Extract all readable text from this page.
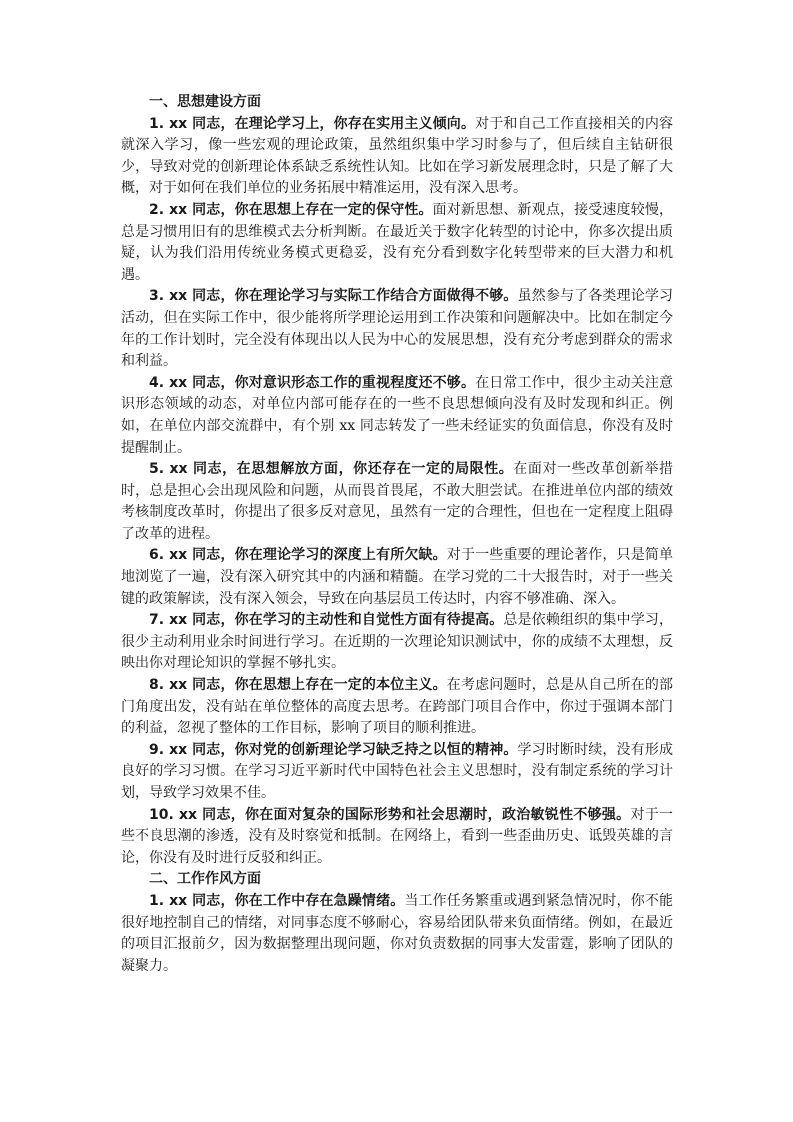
一、思想建设方面

1. xx 同志，在理论学习上，你存在实用主义倾向。对于和自己工作直接相关的内容就深入学习，像一些宏观的理论政策，虽然组织集中学习时参与了，但后续自主钻研很少，导致对党的创新理论体系缺乏系统性认知。比如在学习新发展理念时，只是了解了大概，对于如何在我们单位的业务拓展中精准运用，没有深入思考。

2. xx 同志，你在思想上存在一定的保守性。面对新思想、新观点，接受速度较慢，总是习惯用旧有的思维模式去分析判断。在最近关于数字化转型的讨论中，你多次提出质疑，认为我们沿用传统业务模式更稳妥，没有充分看到数字化转型带来的巨大潜力和机遇。

3. xx 同志，你在理论学习与实际工作结合方面做得不够。虽然参与了各类理论学习活动，但在实际工作中，很少能将所学理论运用到工作决策和问题解决中。比如在制定今年的工作计划时，完全没有体现出以人民为中心的发展思想，没有充分考虑到群众的需求和利益。

4. xx 同志，你对意识形态工作的重视程度还不够。在日常工作中，很少主动关注意识形态领域的动态，对单位内部可能存在的一些不良思想倾向没有及时发现和纠正。例如，在单位内部交流群中，有个别 xx 同志转发了一些未经证实的负面信息，你没有及时提醒制止。

5. xx 同志，在思想解放方面，你还存在一定的局限性。在面对一些改革创新举措时，总是担心会出现风险和问题，从而畏首畏尾，不敢大胆尝试。在推进单位内部的绩效考核制度改革时，你提出了很多反对意见，虽然有一定的合理性，但也在一定程度上阻碍了改革的进程。

6. xx 同志，你在理论学习的深度上有所欠缺。对于一些重要的理论著作，只是简单地浏览了一遍，没有深入研究其中的内涵和精髓。在学习党的二十大报告时，对于一些关键的政策解读，没有深入领会，导致在向基层员工传达时，内容不够准确、深入。

7. xx 同志，你在学习的主动性和自觉性方面有待提高。总是依赖组织的集中学习，很少主动利用业余时间进行学习。在近期的一次理论知识测试中，你的成绩不太理想，反映出你对理论知识的掌握不够扎实。

8. xx 同志，你在思想上存在一定的本位主义。在考虑问题时，总是从自己所在的部门角度出发，没有站在单位整体的高度去思考。在跨部门项目合作中，你过于强调本部门的利益，忽视了整体的工作目标，影响了项目的顺利推进。

9. xx 同志，你对党的创新理论学习缺乏持之以恒的精神。学习时断时续，没有形成良好的学习习惯。在学习习近平新时代中国特色社会主义思想时，没有制定系统的学习计划，导致学习效果不佳。

10. xx 同志，你在面对复杂的国际形势和社会思潮时，政治敏锐性不够强。对于一些不良思潮的渗透，没有及时察觉和抵制。在网络上，看到一些歪曲历史、诋毁英雄的言论，你没有及时进行反驳和纠正。

二、工作作风方面

1. xx 同志，你在工作中存在急躁情绪。当工作任务繁重或遇到紧急情况时，你不能很好地控制自己的情绪，对同事态度不够耐心，容易给团队带来负面情绪。例如，在最近的项目汇报前夕，因为数据整理出现问题，你对负责数据的同事大发雷霆，影响了团队的凝聚力。
